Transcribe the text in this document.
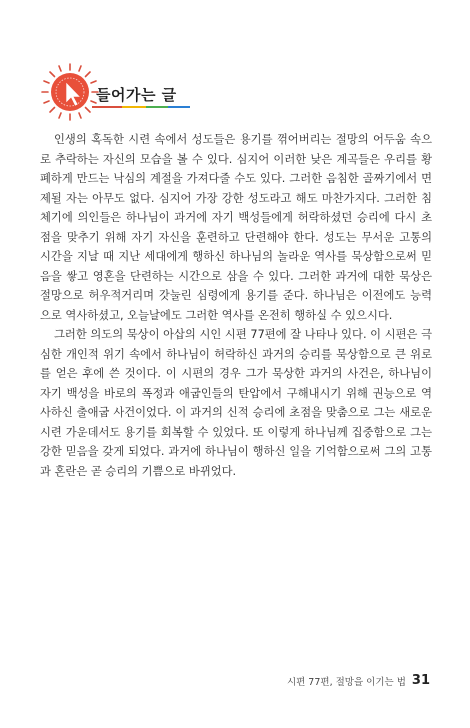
들어가는 글

인생의 혹독한 시련 속에서 성도들은 용기를 꺾어버리는 절망의 어두움 속으로 추락하는 자신의 모습을 볼 수 있다. 심지어 이러한 낮은 계곡들은 우리를 황폐하게 만드는 낙심의 계절을 가져다줄 수도 있다. 그러한 음침한 골짜기에서 면제될 자는 아무도 없다. 심지어 가장 강한 성도라고 해도 마찬가지다. 그러한 침체기에 의인들은 하나님이 과거에 자기 백성들에게 허락하셨던 승리에 다시 초점을 맞추기 위해 자기 자신을 훈련하고 단련해야 한다. 성도는 무서운 고통의 시간을 지날 때 지난 세대에게 행하신 하나님의 놀라운 역사를 묵상함으로써 믿음을 쌓고 영혼을 단련하는 시간으로 삼을 수 있다. 그러한 과거에 대한 묵상은 절망으로 허우적거리며 갓눌린 심령에게 용기를 준다. 하나님은 이전에도 능력으로 역사하셨고, 오늘날에도 그러한 역사를 온전히 행하실 수 있으시다.

그러한 의도의 묵상이 아삽의 시인 시편 77편에 잘 나타나 있다. 이 시편은 극심한 개인적 위기 속에서 하나님이 허락하신 과거의 승리를 묵상함으로 큰 위로를 얻은 후에 쓴 것이다. 이 시편의 경우 그가 묵상한 과거의 사건은, 하나님이 자기 백성을 바로의 폭정과 애굽인들의 탄압에서 구해내시기 위해 권능으로 역사하신 출애굽 사건이었다. 이 과거의 신적 승리에 초점을 맞춤으로 그는 새로운 시련 가운데서도 용기를 회복할 수 있었다. 또 이렇게 하나님께 집중함으로 그는 강한 믿음을 갖게 되었다. 과거에 하나님이 행하신 일을 기억함으로써 그의 고통과 혼란은 곧 승리의 기쁨으로 바뀌었다.

시편 77편, 절망을 이기는 법 31
